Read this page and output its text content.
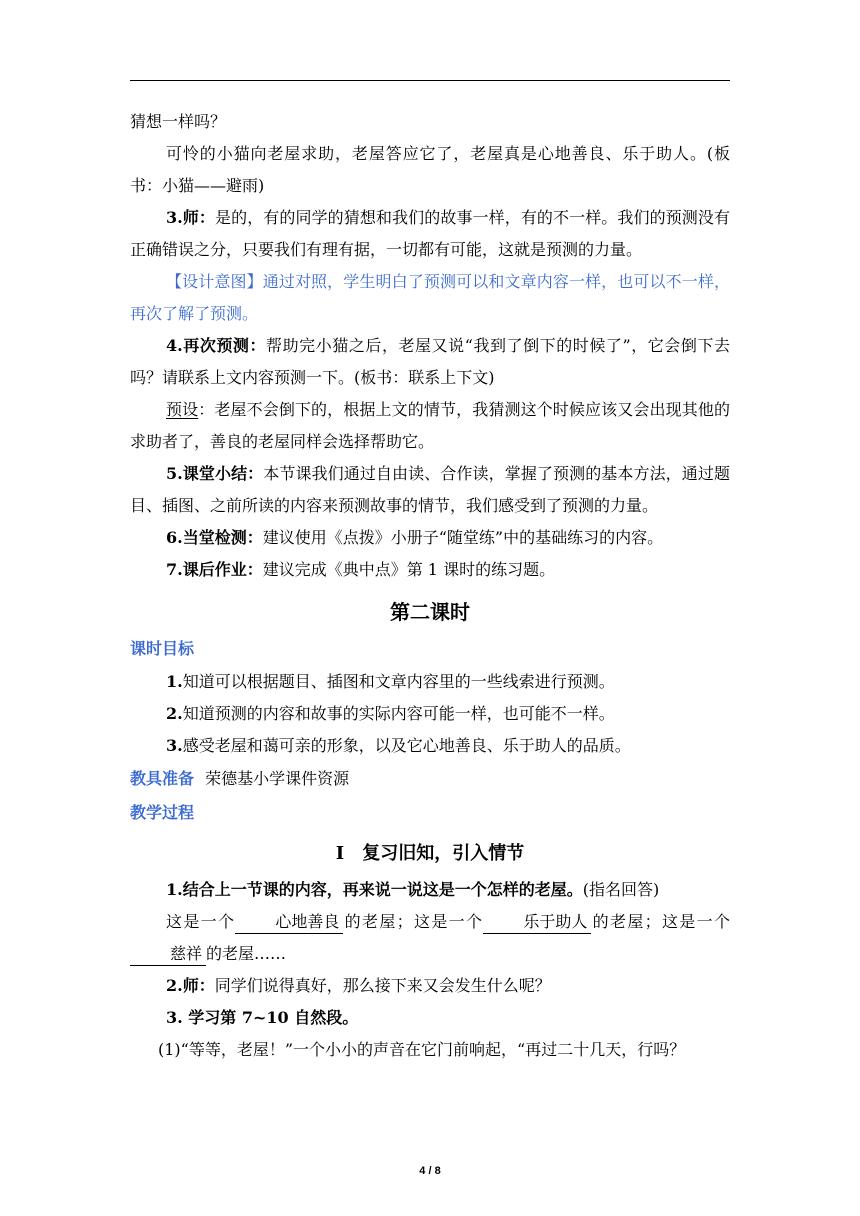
猜想一样吗？

可怜的小猫向老屋求助，老屋答应它了，老屋真是心地善良、乐于助人。(板书：小猫——避雨)

3.师：是的，有的同学的猜想和我们的故事一样，有的不一样。我们的预测没有正确错误之分，只要我们有理有据，一切都有可能，这就是预测的力量。

【设计意图】通过对照，学生明白了预测可以和文章内容一样，也可以不一样，再次了解了预测。

4.再次预测：帮助完小猫之后，老屋又说“我到了倒下的时候了”，它会倒下去吗？请联系上文内容预测一下。(板书：联系上下文)

预设：老屋不会倒下的，根据上文的情节，我猜测这个时候应该又会出现其他的求助者了，善良的老屋同样会选择帮助它。

5.课堂小结：本节课我们通过自由读、合作读，掌握了预测的基本方法，通过题目、插图、之前所读的内容来预测故事的情节，我们感受到了预测的力量。

6.当堂检测：建议使用《点拨》小册子“随堂练”中的基础练习的内容。

7.课后作业：建议完成《典中点》第 1 课时的练习题。

第二课时
课时目标

1.知道可以根据题目、插图和文章内容里的一些线索进行预测。

2.知道预测的内容和故事的实际内容可能一样，也可能不一样。

3.感受老屋和蔼可亲的形象，以及它心地善良、乐于助人的品质。

教具准备 荣德基小学课件资源
教学过程
Ⅰ　复习旧知，引入情节

1.结合上一节课的内容，再来说一说这是一个怎样的老屋。(指名回答)

这是一个	心地善良 的老屋；这是一个	乐于助人 的老屋；这是一个慈祥 的老屋……

2.师：同学们说得真好，那么接下来又会发生什么呢？

3. 学习第 7~10 自然段。

(1)“等等，老屋！”一个小小的声音在它门前响起，“再过二十几天，行吗？

4 / 8
